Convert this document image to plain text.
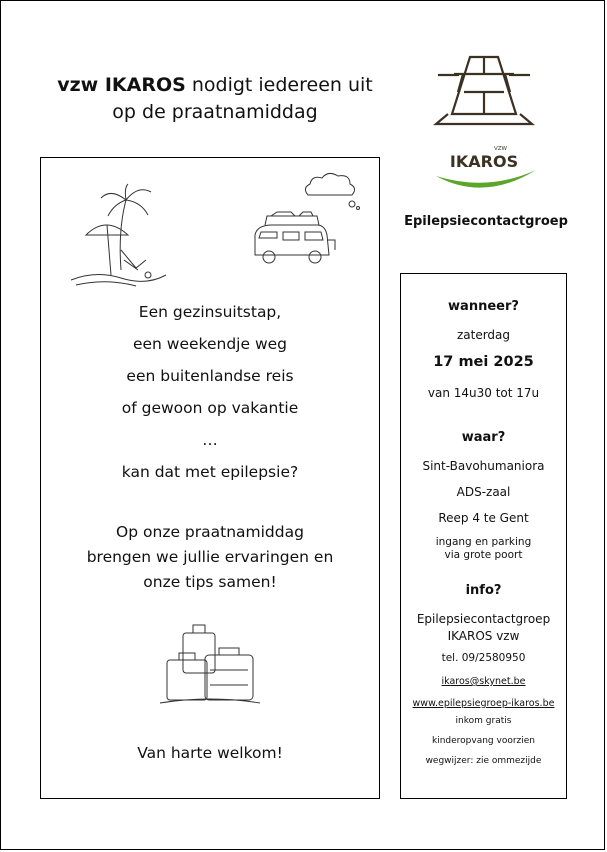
vzw IKAROS nodigt iedereen uit
op de praatnamiddag
VZW
IKAROS
Epilepsiecontactgroep
Een gezinsuitstap,
een weekendje weg
een buitenlandse reis
of gewoon op vakantie
…
kan dat met epilepsie?
Op onze praatnamiddag
brengen we jullie ervaringen en
onze tips samen!
Van harte welkom!
wanneer?
zaterdag
17 mei 2025
van 14u30 tot 17u
waar?
Sint-Bavohumaniora
ADS-zaal
Reep 4 te Gent
ingang en parking
via grote poort
info?
Epilepsiecontactgroep
IKAROS vzw
tel. 09/2580950
ikaros@skynet.be
www.epilepsiegroep-ikaros.be
inkom gratis
kinderopvang voorzien
wegwijzer: zie ommezijde
